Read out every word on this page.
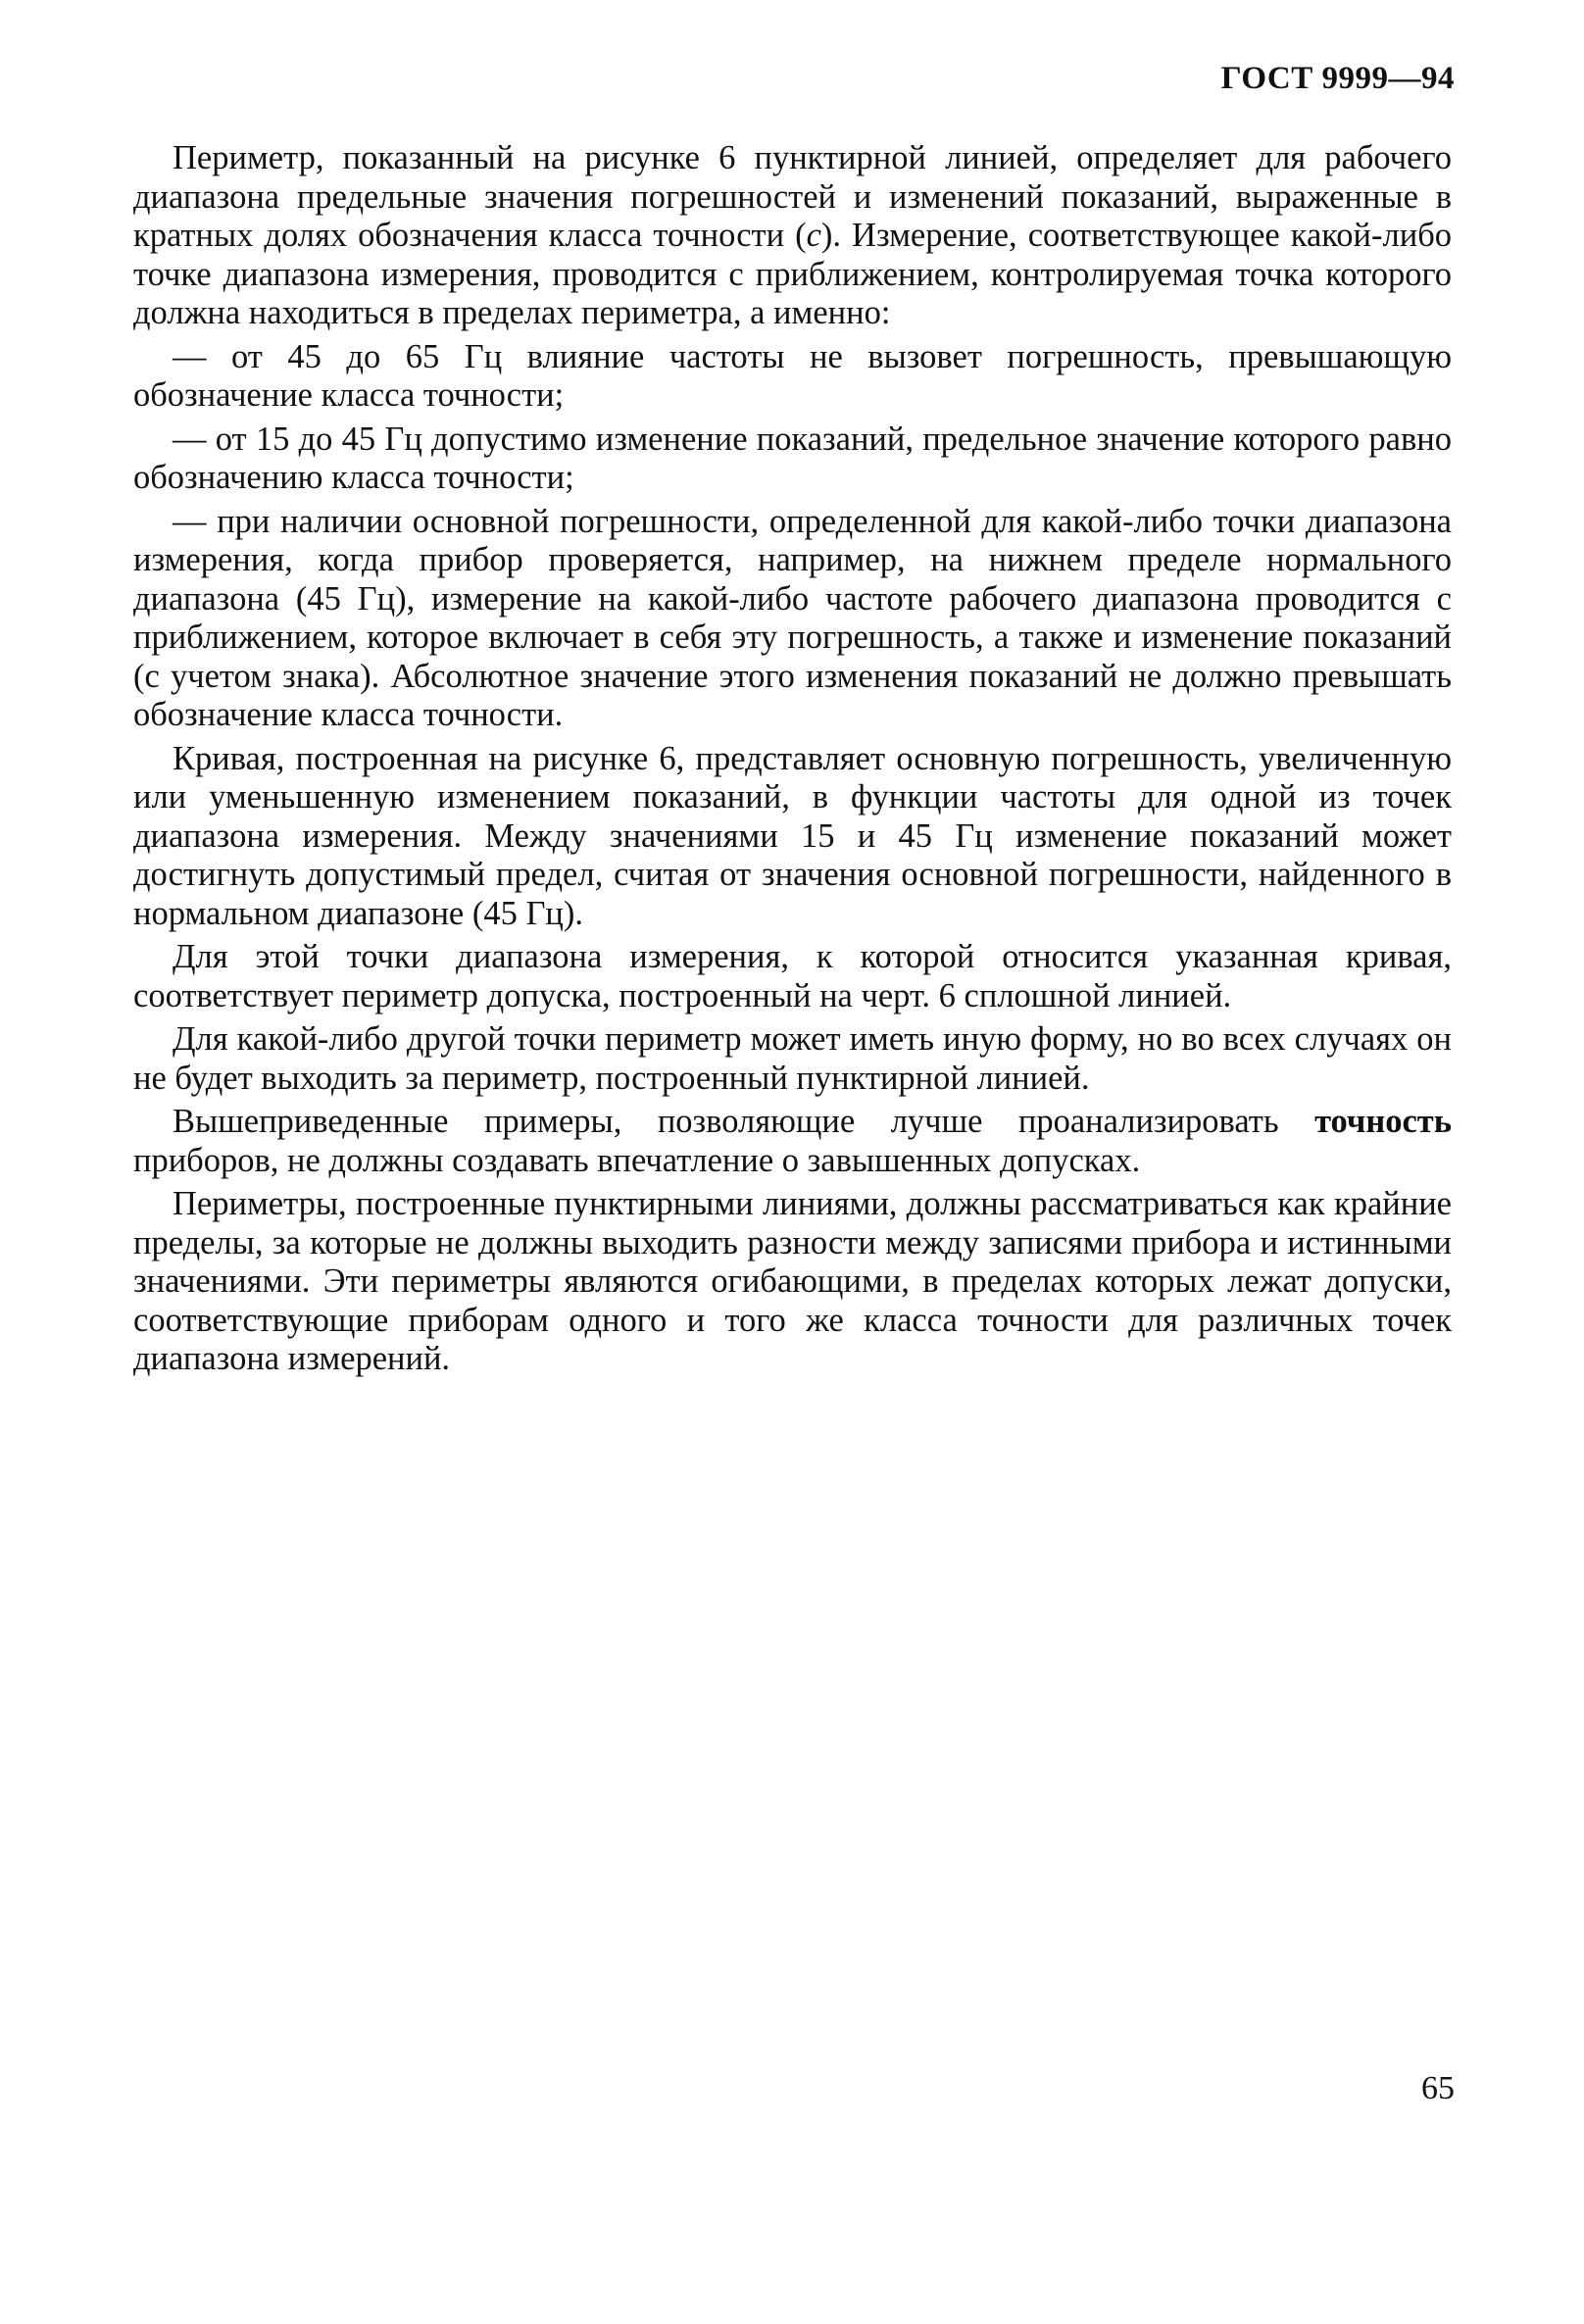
ГОСТ 9999—94

Периметр, показанный на рисунке 6 пунктирной линией, определяет для рабочего диапазона предельные значения погрешностей и изменений показаний, выраженные в кратных долях обозначения класса точности (с). Измерение, соответствующее какой-либо точке диапазона измерения, проводится с приближением, контролируемая точка которого должна находиться в пределах периметра, а именно:

— от 45 до 65 Гц влияние частоты не вызовет погрешность, превышающую обозначение класса точности;

— от 15 до 45 Гц допустимо изменение показаний, предельное значение которого равно обозначению класса точности;

— при наличии основной погрешности, определенной для какой-либо точки диапазона измерения, когда прибор проверяется, например, на нижнем пределе нормального диапазона (45 Гц), измерение на какой-либо частоте рабочего диапазона проводится с приближением, которое включает в себя эту погрешность, а также и изменение показаний (с учетом знака). Абсолютное значение этого изменения показаний не должно превышать обозначение класса точности.

Кривая, построенная на рисунке 6, представляет основную погрешность, увеличенную или уменьшенную изменением показаний, в функции частоты для одной из точек диапазона измерения. Между значениями 15 и 45 Гц изменение показаний может достигнуть допустимый предел, считая от значения основной погрешности, найденного в нормальном диапазоне (45 Гц).

Для этой точки диапазона измерения, к которой относится указанная кривая, соответствует периметр допуска, построенный на черт. 6 сплошной линией.

Для какой-либо другой точки периметр может иметь иную форму, но во всех случаях он не будет выходить за периметр, построенный пунктирной линией.

Вышеприведенные примеры, позволяющие лучше проанализировать точность приборов, не должны создавать впечатление о завышенных допусках.

Периметры, построенные пунктирными линиями, должны рассматриваться как крайние пределы, за которые не должны выходить разности между записями прибора и истинными значениями. Эти периметры являются огибающими, в пределах которых лежат допуски, соответствующие приборам одного и того же класса точности для различных точек диапазона измерений.

65
